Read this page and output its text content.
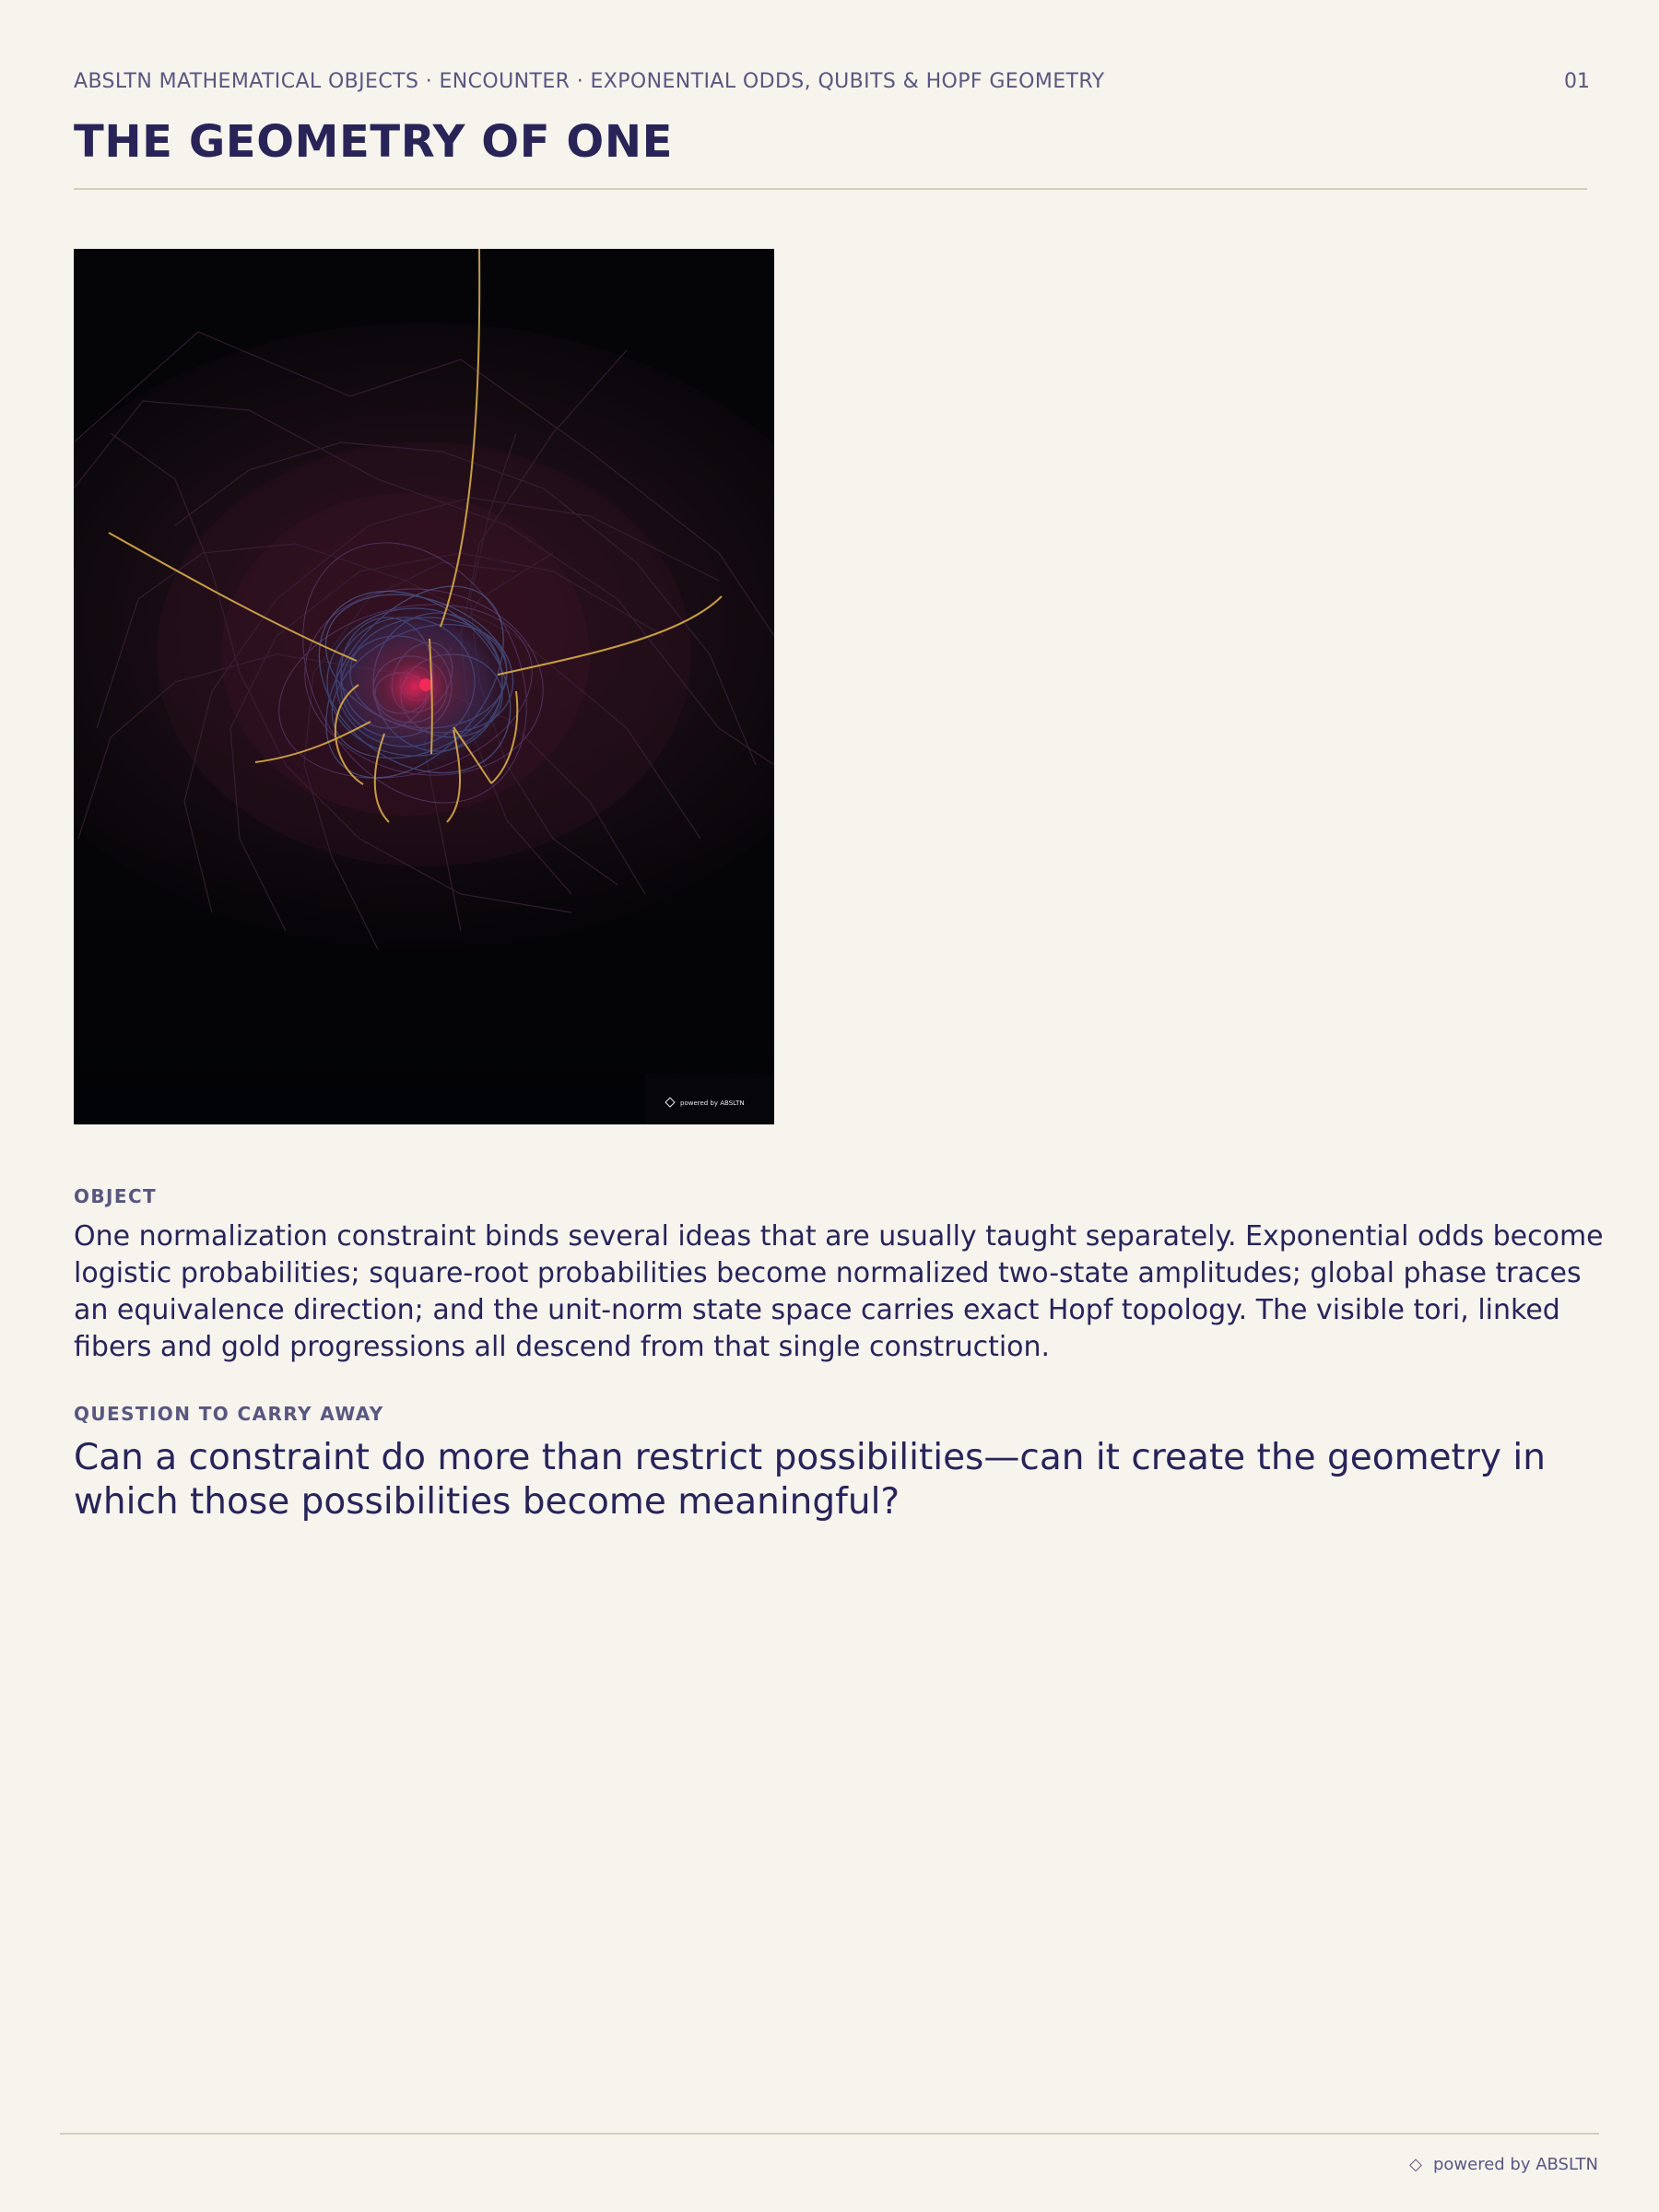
ABSLTN MATHEMATICAL OBJECTS · ENCOUNTER · EXPONENTIAL ODDS, QUBITS & HOPF GEOMETRY	01
THE GEOMETRY OF ONE
powered by ABSLTN
OBJECT

One normalization constraint binds several ideas that are usually taught separately. Exponential odds become logistic probabilities; square-root probabilities become normalized two-state amplitudes; global phase traces an equivalence direction; and the unit-norm state space carries exact Hopf topology. The visible tori, linked fibers and gold progressions all descend from that single construction.

QUESTION TO CARRY AWAY

Can a constraint do more than restrict possibilities—can it create the geometry in which those possibilities become meaningful?

◇ powered by ABSLTN
